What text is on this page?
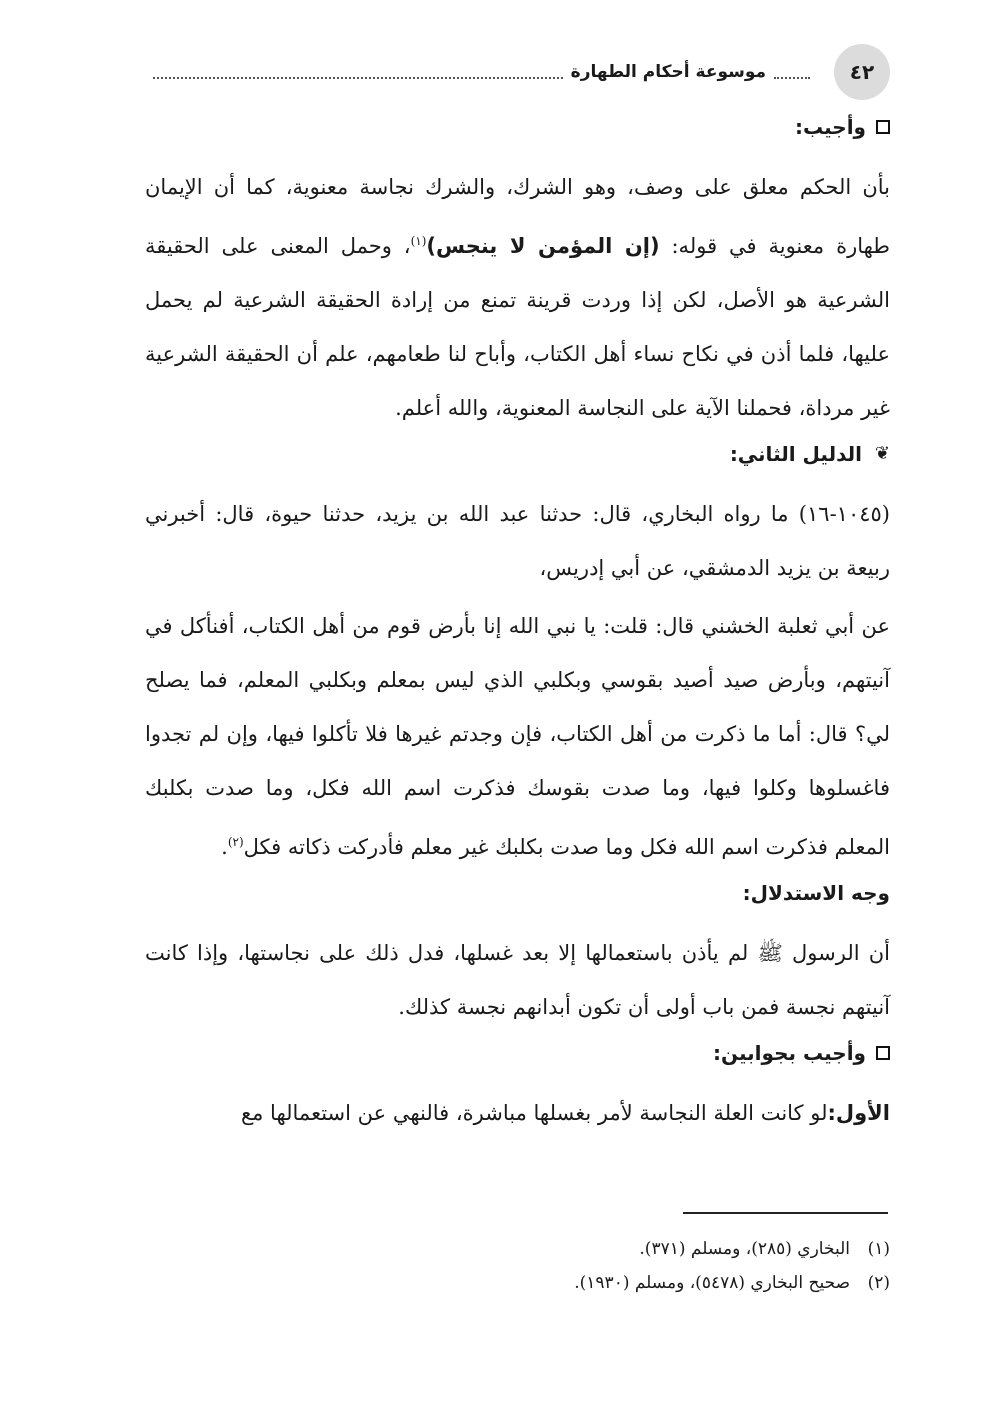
٤٢
موسوعة أحكام الطهارة
وأجيب:

بأن الحكم معلق على وصف، وهو الشرك، والشرك نجاسة معنوية، كما أن الإيمان طهارة معنوية في قوله: (إن المؤمن لا ينجس)$^{(١)}$، وحمل المعنى على الحقيقة الشرعية هو الأصل، لكن إذا وردت قرينة تمنع من إرادة الحقيقة الشرعية لم يحمل عليها، فلما أذن في نكاح نساء أهل الكتاب، وأباح لنا طعامهم، علم أن الحقيقة الشرعية غير مرداة، فحملنا الآية على النجاسة المعنوية، والله أعلم.

❦
الدليل الثاني:

(١٠٤٥-١٦) ما رواه البخاري، قال: حدثنا عبد الله بن يزيد، حدثنا حيوة، قال: أخبرني ربيعة بن يزيد الدمشقي، عن أبي إدريس،

عن أبي ثعلبة الخشني قال: قلت: يا نبي الله إنا بأرض قوم من أهل الكتاب، أفنأكل في آنيتهم، وبأرض صيد أصيد بقوسي وبكلبي الذي ليس بمعلم وبكلبي المعلم، فما يصلح لي؟ قال: أما ما ذكرت من أهل الكتاب، فإن وجدتم غيرها فلا تأكلوا فيها، وإن لم تجدوا فاغسلوها وكلوا فيها، وما صدت بقوسك فذكرت اسم الله فكل، وما صدت بكلبك المعلم فذكرت اسم الله فكل وما صدت بكلبك غير معلم فأدركت ذكاته فكل$^{(٢)}$.

وجه الاستدلال:

أن الرسول ﷺ لم يأذن باستعمالها إلا بعد غسلها، فدل ذلك على نجاستها، وإذا كانت آنيتهم نجسة فمن باب أولى أن تكون أبدانهم نجسة كذلك.

وأجيب بجوابين:

الأول:لو كانت العلة النجاسة لأمر بغسلها مباشرة، فالنهي عن استعمالها مع

(١)
البخاري (٢٨٥)، ومسلم (٣٧١).
(٢)
صحيح البخاري (٥٤٧٨)، ومسلم (١٩٣٠).
